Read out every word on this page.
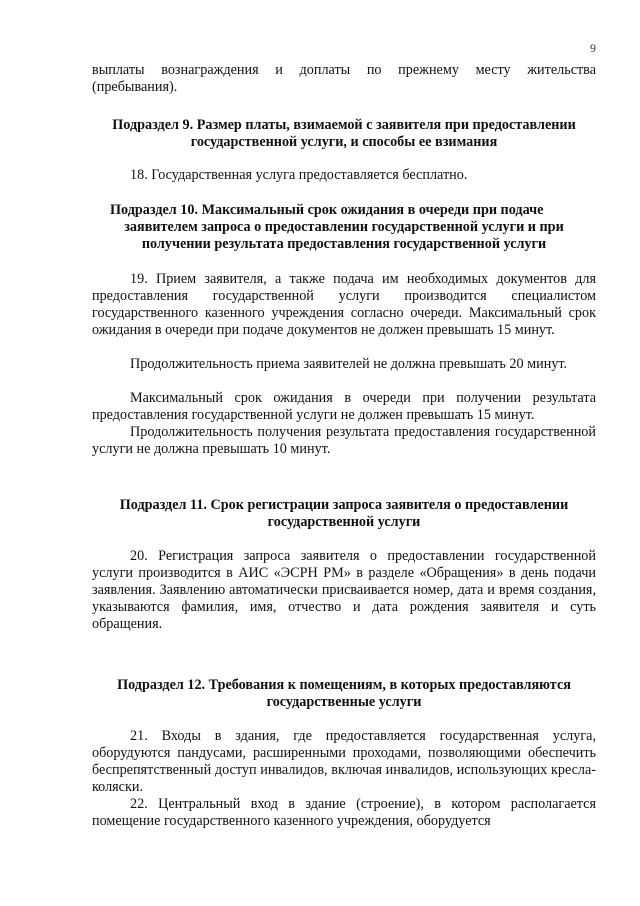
9
выплаты вознаграждения и доплаты по прежнему месту жительства
(пребывания).
Подраздел 9. Размер платы, взимаемой с заявителя при предоставлении государственной услуги, и способы ее взимания

18. Государственная услуга предоставляется бесплатно.

Подраздел 10. Максимальный срок ожидания в очереди при подаче
заявителем запроса о предоставлении государственной услуги и при
получении результата предоставления государственной услуги

19. Прием заявителя, а также подача им необходимых документов для предоставления государственной услуги производится специалистом государственного казенного учреждения согласно очереди. Максимальный срок ожидания в очереди при подаче документов не должен превышать 15 минут.

Продолжительность приема заявителей не должна превышать 20 минут.

Максимальный срок ожидания в очереди при получении результата предоставления государственной услуги не должен превышать 15 минут.

Продолжительность получения результата предоставления государственной услуги не должна превышать 10 минут.

Подраздел 11. Срок регистрации запроса заявителя о предоставлении государственной услуги

20. Регистрация запроса заявителя о предоставлении государственной услуги производится в АИС «ЭСРН РМ» в разделе «Обращения» в день подачи заявления. Заявлению автоматически присваивается номер, дата и время создания, указываются фамилия, имя, отчество и дата рождения заявителя и суть обращения.

Подраздел 12. Требования к помещениям, в которых предоставляются государственные услуги

21. Входы в здания, где предоставляется государственная услуга, оборудуются пандусами, расширенными проходами, позволяющими обеспечить беспрепятственный доступ инвалидов, включая инвалидов, использующих кресла-коляски.

22. Центральный вход в здание (строение), в котором располагается помещение государственного казенного учреждения, оборудуется
